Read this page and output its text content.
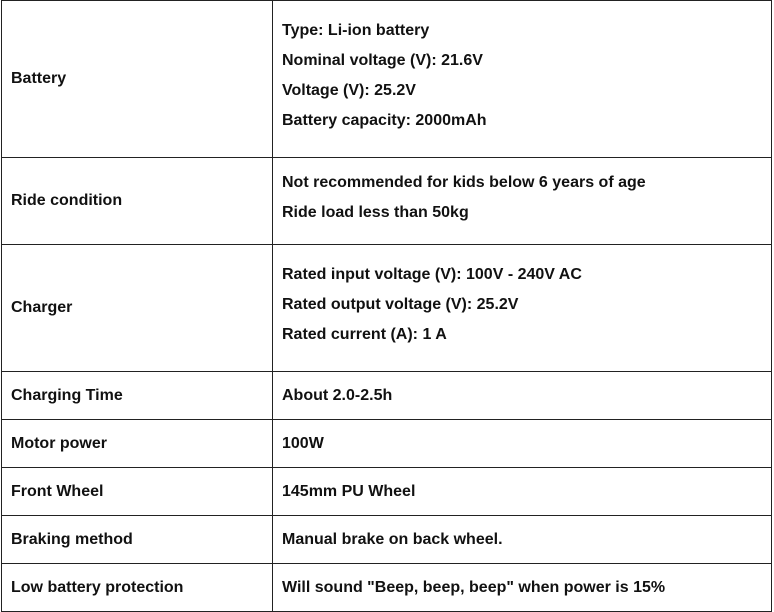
Battery	Type: Li-ion battery
Nominal voltage (V): 21.6V
Voltage (V): 25.2V
Battery capacity: 2000mAh

Ride condition	Not recommended for kids below 6 years of age
Ride load less than 50kg

Charger	Rated input voltage (V): 100V - 240V AC
Rated output voltage (V): 25.2V
Rated current (A): 1 A

Charging Time	About 2.0-2.5h
Motor power	100W
Front Wheel	145mm PU Wheel
Braking method	Manual brake on back wheel.
Low battery protection	Will sound "Beep, beep, beep" when power is 15%
